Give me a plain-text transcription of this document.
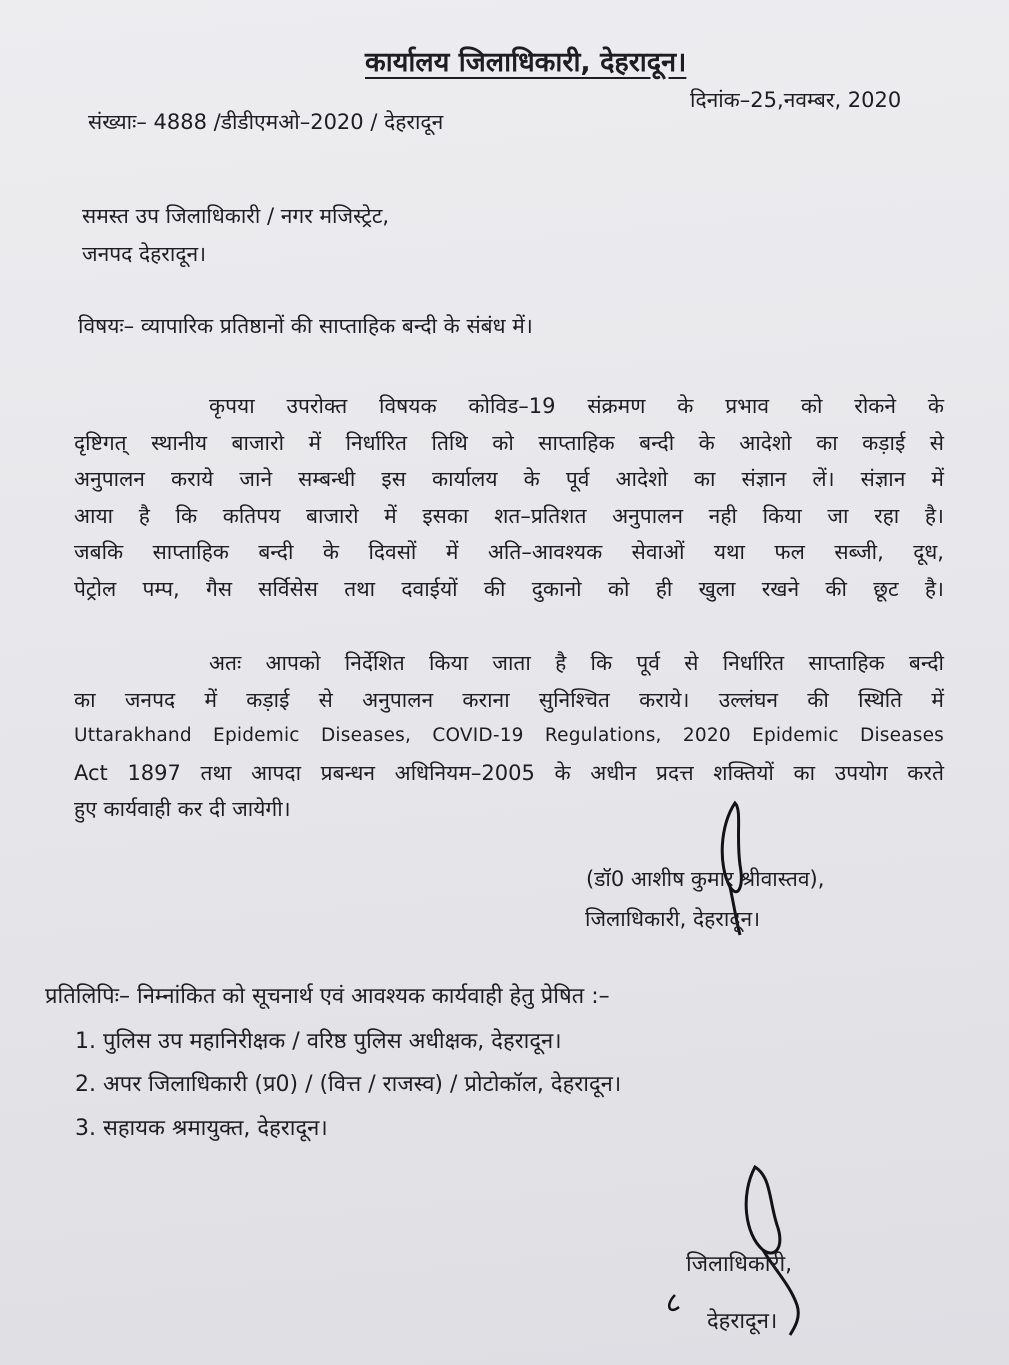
कार्यालय जिलाधिकारी, देहरादून।
संख्याः– 4888 /डीडीएमओ–2020 / देहरादून
दिनांक–25,नवम्बर, 2020
समस्त उप जिलाधिकारी / नगर मजिस्ट्रेट,
जनपद देहरादून।
विषयः– व्यापारिक प्रतिष्ठानों की साप्ताहिक बन्दी के संबंध में।
कृपया उपरोक्त विषयक कोविड–19 संक्रमण के प्रभाव को रोकने के
दृष्टिगत् स्थानीय बाजारो में निर्धारित तिथि को साप्ताहिक बन्दी के आदेशो का कड़ाई से
अनुपालन कराये जाने सम्बन्धी इस कार्यालय के पूर्व आदेशो का संज्ञान लें। संज्ञान में
आया है कि कतिपय बाजारो में इसका शत–प्रतिशत अनुपालन नही किया जा रहा है।
जबकि साप्ताहिक बन्दी के दिवसों में अति–आवश्यक सेवाओं यथा फल सब्जी, दूध,
पेट्रोल पम्प, गैस सर्विसेस तथा दवाईयों की दुकानो को ही खुला रखने की छूट है।
अतः आपको निर्देशित किया जाता है कि पूर्व से निर्धारित साप्ताहिक बन्दी
का जनपद में कड़ाई से अनुपालन कराना सुनिश्चित कराये। उल्लंघन की स्थिति में
Uttarakhand Epidemic Diseases, COVID-19 Regulations, 2020 Epidemic Diseases
Act 1897 तथा आपदा प्रबन्धन अधिनियम–2005 के अधीन प्रदत्त शक्तियों का उपयोग करते
हुए कार्यवाही कर दी जायेगी।
(डॉ0 आशीष कुमार श्रीवास्तव),
जिलाधिकारी, देहरादून।
प्रतिलिपिः– निम्नांकित को सूचनार्थ एवं आवश्यक कार्यवाही हेतु प्रेषित :–
1. पुलिस उप महानिरीक्षक / वरिष्ठ पुलिस अधीक्षक, देहरादून।
2. अपर जिलाधिकारी (प्र0) / (वित्त / राजस्व) / प्रोटोकॉल, देहरादून।
3. सहायक श्रमायुक्त, देहरादून।
जिलाधिकारी,
देहरादून।
